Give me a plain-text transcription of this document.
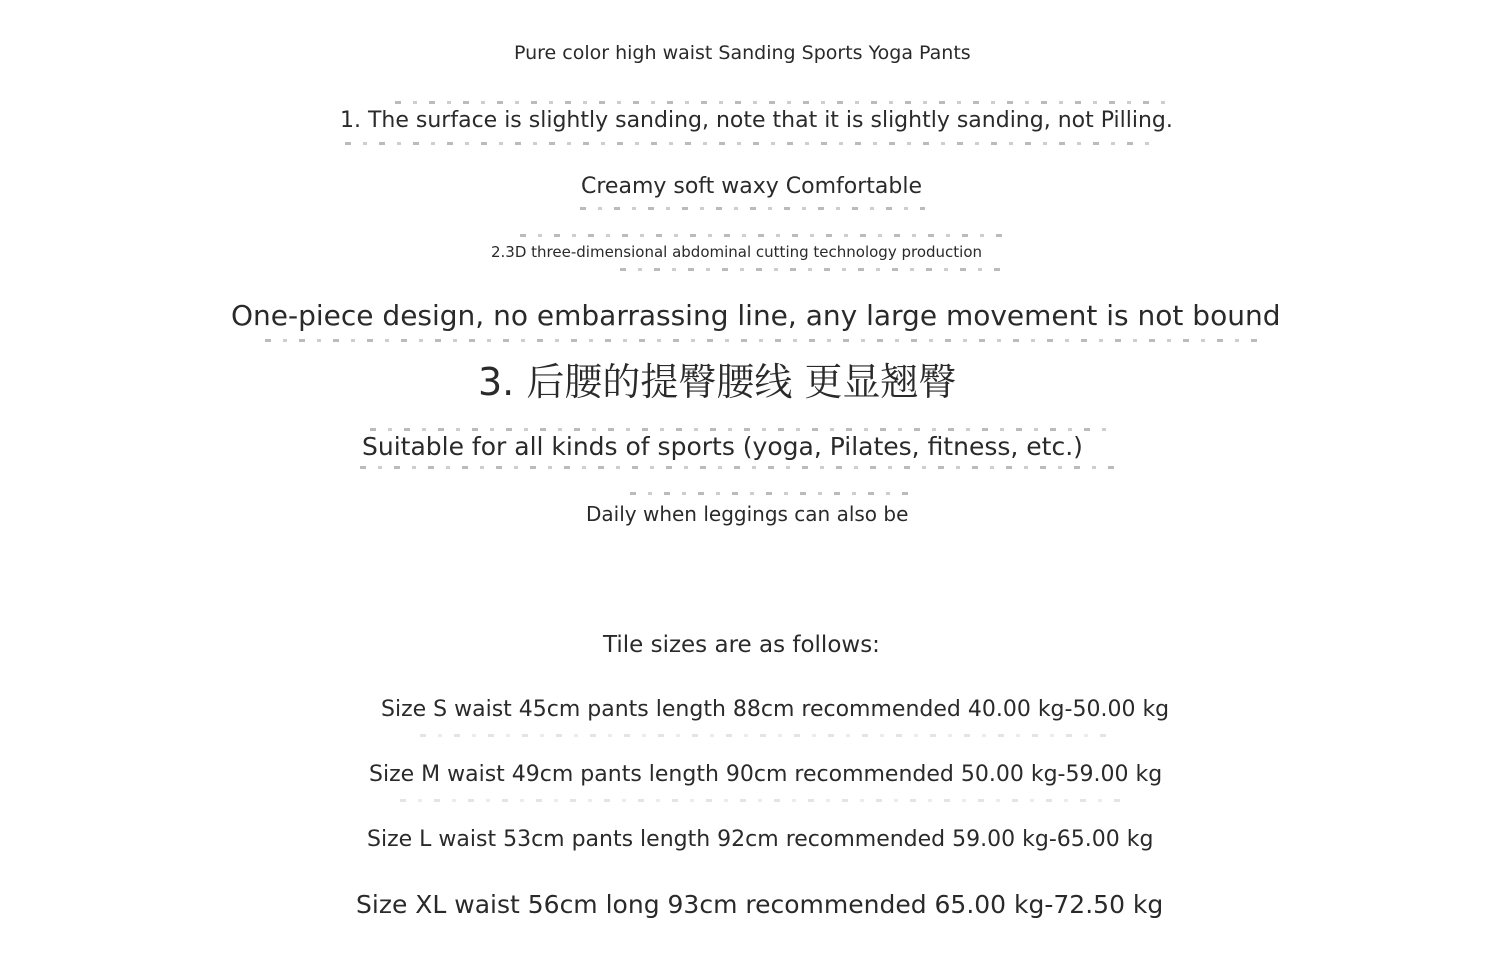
Pure color high waist Sanding Sports Yoga Pants
1. The surface is slightly sanding, note that it is slightly sanding, not Pilling.
Creamy soft waxy Comfortable
2.3D three-dimensional abdominal cutting technology production
One-piece design, no embarrassing line, any large movement is not bound
3. 后腰的提臀腰线 更显翘臀
Suitable for all kinds of sports (yoga, Pilates, fitness, etc.)
Daily when leggings can also be
Tile sizes are as follows:
Size S waist 45cm pants length 88cm recommended 40.00 kg-50.00 kg
Size M waist 49cm pants length 90cm recommended 50.00 kg-59.00 kg
Size L waist 53cm pants length 92cm recommended 59.00 kg-65.00 kg
Size XL waist 56cm long 93cm recommended 65.00 kg-72.50 kg
